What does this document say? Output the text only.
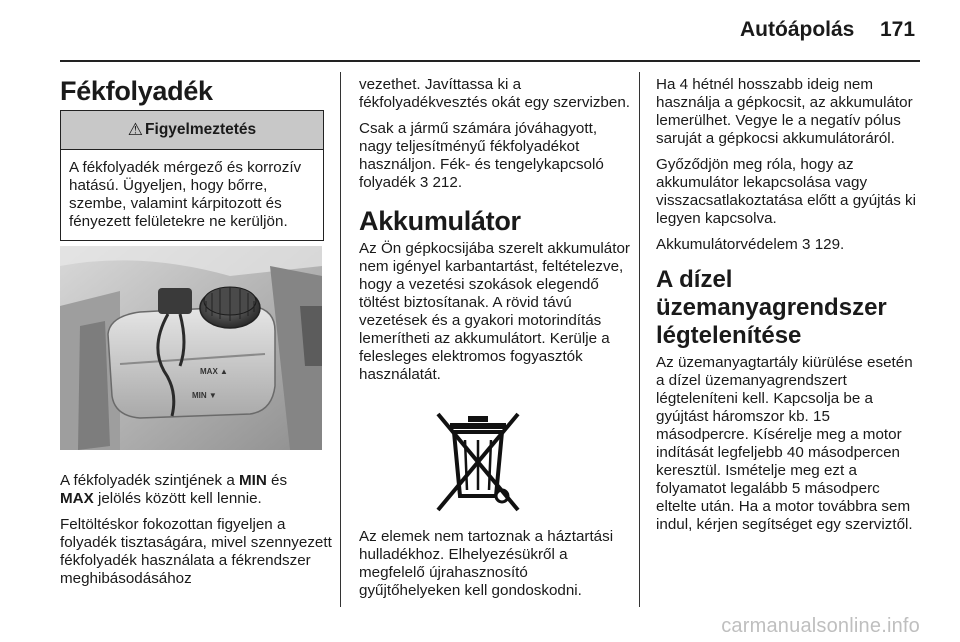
Autóápolás 171
Fékfolyadék
⚠ Figyelmeztetés
A fékfolyadék mérgező és korrozív hatású. Ügyeljen, hogy bőrre, szembe, valamint kárpitozott és fényezett felületekre ne kerüljön.
MAX ▲
MIN ▼

A fékfolyadék szintjének a MIN és
MAX jelölés között kell lennie.

Feltöltéskor fokozottan figyeljen a folyadék tisztaságára, mivel szennyezett fékfolyadék használata a fékrendszer meghibásodásához

vezethet. Javíttassa ki a fékfolyadékvesztés okát egy szervizben.

Csak a jármű számára jóváhagyott, nagy teljesítményű fékfolyadékot használjon. Fék- és tengelykapcsoló folyadék 3 212.

Akkumulátor

Az Ön gépkocsijába szerelt akkumulátor nem igényel karbantartást, feltételezve, hogy a vezetési szokások elegendő töltést biztosítanak. A rövid távú vezetések és a gyakori motorindítás lemerítheti az akkumulátort. Kerülje a felesleges elektromos fogyasztók használatát.

Az elemek nem tartoznak a háztartási hulladékhoz. Elhelyezésükről a megfelelő újrahasznosító gyűjtőhelyeken kell gondoskodni.

Ha 4 hétnél hosszabb ideig nem használja a gépkocsit, az akkumulátor lemerülhet. Vegye le a negatív pólus saruját a gépkocsi akkumulátoráról.

Győződjön meg róla, hogy az akkumulátor lekapcsolása vagy visszacsatlakoztatása előtt a gyújtás ki legyen kapcsolva.

Akkumulátorvédelem 3 129.

A dízel üzemanyagrendszer légtelenítése

Az üzemanyagtartály kiürülése esetén a dízel üzemanyagrendszert légteleníteni kell. Kapcsolja be a gyújtást háromszor kb. 15 másodpercre. Kísérelje meg a motor indítását legfeljebb 40 másodpercen keresztül. Ismételje meg ezt a folyamatot legalább 5 másodperc eltelte után. Ha a motor továbbra sem indul, kérjen segítséget egy szerviztől.

carmanualsonline.info
